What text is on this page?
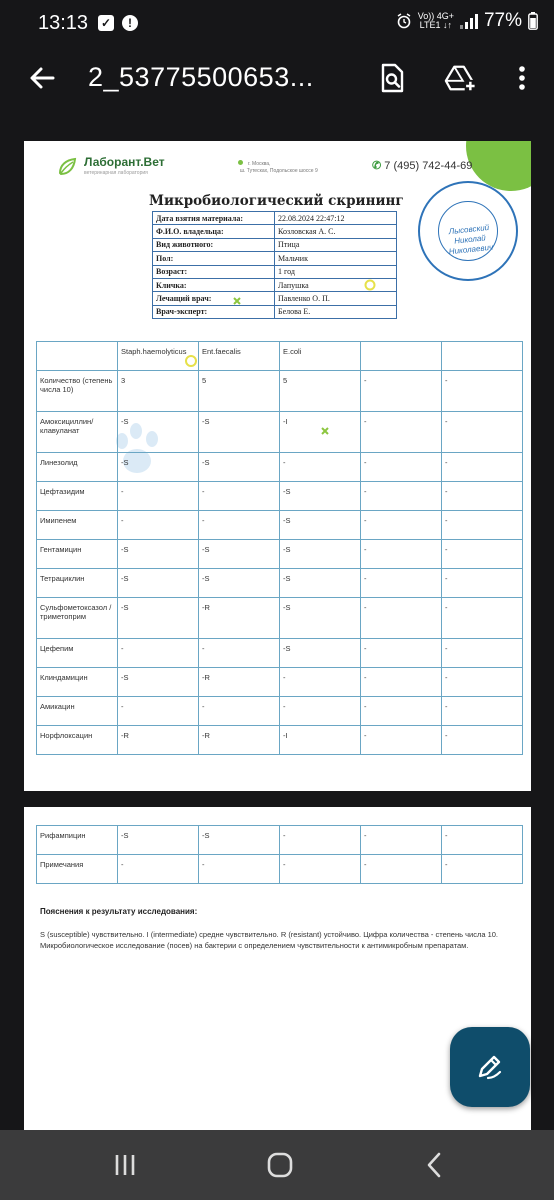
13:13 ✓	!	Vo)) 4G+
LTE1 ↓↑ 77%
2_53775500653...
Лаборант.Вет
ветеринарная лаборатория
г. Москва,
ш. Тутесках, Подольское шоссе 9	✆ 7 (495) 742-44-69
Лысовский Николай Николаевич
Микробиологический скрининг
Дата взятия материала:	22.08.2024 22:47:12
Ф.И.О. владельца:	Козловская А. С.
Вид животного:	Птица
Пол:	Мальчик
Возраст:	1 год
Кличка:	Лапушка
Лечащий врач:	Павленко О. П.
Врач-эксперт:	Белова Е.
	Staph.haemolyticus	Ent.faecalis	E.coli		
Количество (степень числа 10)	3	5	5	-	-
Амоксициллин/клавуланат	-S	-S	-I	-	-
Линезолид	-S	-S	-	-	-
Цефтазидим	-	-	-S	-	-
Имипенем	-	-	-S	-	-
Гентамицин	-S	-S	-S	-	-
Тетрациклин	-S	-S	-S	-	-
Сульфометоксазол /триметоприм	-S	-R	-S	-	-
Цефепим	-	-	-S	-	-
Клиндамицин	-S	-R	-	-	-
Амикацин	-	-	-	-	-
Норфлоксацин	-R	-R	-I	-	-
Рифампицин	-S	-S	-	-	-
Примечания	-	-	-	-	-
Пояснения к результату исследования:
S (susceptible) чувствительно. I (intermediate) средне чувствительно. R (resistant) устойчиво. Цифра количества - степень числа 10. Микробиологическое исследование (посев) на бактерии с определением чувствительности к антимикробным препаратам.
